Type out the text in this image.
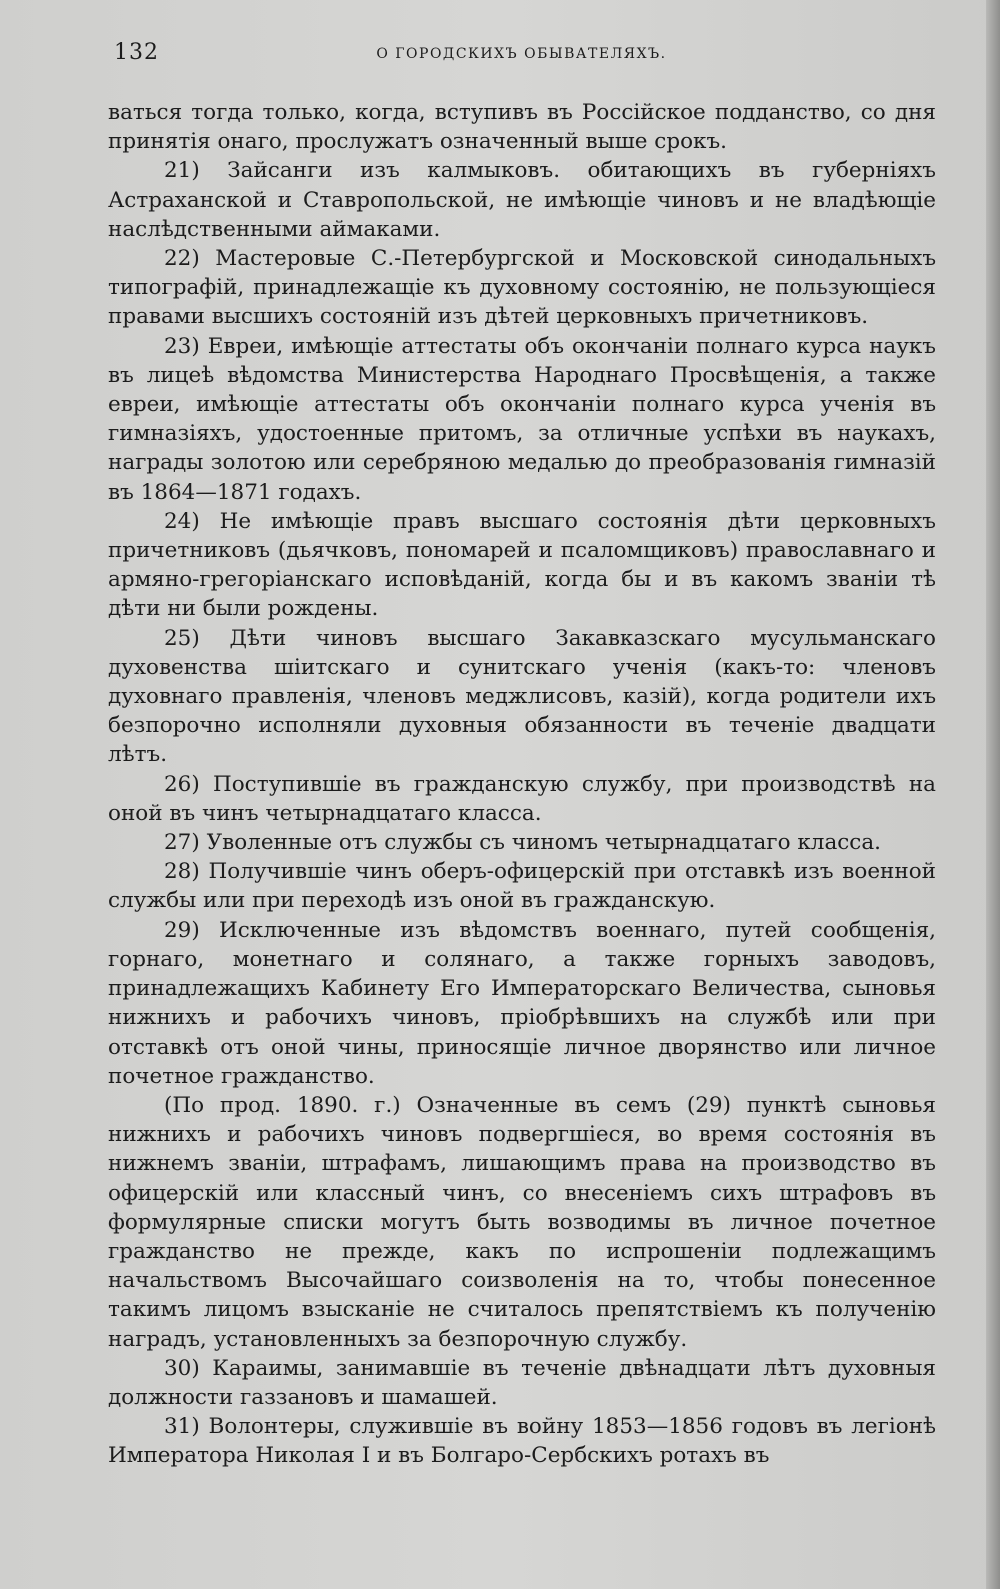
132	О ГОРОДСКИХЪ ОБЫВАТЕЛЯХЪ.

ваться тогда только, когда, вступивъ въ Россійское подданство, со дня принятія онаго, прослужатъ означенный выше срокъ.

21) Зайсанги изъ калмыковъ. обитающихъ въ губерніяхъ Астраханской и Ставропольской, не имѣющіе чиновъ и не владѣющіе наслѣдственными аймаками.

22) Мастеровые С.-Петербургской и Московской синодальныхъ типографій, принадлежащіе къ духовному состоянію, не пользующіеся правами высшихъ состояній изъ дѣтей церковныхъ причетниковъ.

23) Евреи, имѣющіе аттестаты объ окончаніи полнаго курса наукъ въ лицеѣ вѣдомства Министерства Народнаго Просвѣщенія, а также евреи, имѣющіе аттестаты объ окончаніи полнаго курса ученія въ гимназіяхъ, удостоенные притомъ, за отличные успѣхи въ наукахъ, награды золотою или серебряною медалью до преобразованія гимназій въ 1864—1871 годахъ.

24) Не имѣющіе правъ высшаго состоянія дѣти церковныхъ причетниковъ (дьячковъ, пономарей и псаломщиковъ) православнаго и армяно-грегоріанскаго исповѣданій, когда бы и въ какомъ званіи тѣ дѣти ни были рождены.

25) Дѣти чиновъ высшаго Закавказскаго мусульманскаго духовенства шіитскаго и сунитскаго ученія (какъ-то: членовъ духовнаго правленія, членовъ меджлисовъ, казій), когда родители ихъ безпорочно исполняли духовныя обязанности въ теченіе двадцати лѣтъ.

26) Поступившіе въ гражданскую службу, при производствѣ на оной въ чинъ четырнадцатаго класса.

27) Уволенные отъ службы съ чиномъ четырнадцатаго класса.

28) Получившіе чинъ оберъ-офицерскій при отставкѣ изъ военной службы или при переходѣ изъ оной въ гражданскую.

29) Исключенные изъ вѣдомствъ военнаго, путей сообщенія, горнаго, монетнаго и солянаго, а также горныхъ заводовъ, принадлежащихъ Кабинету Его Императорскаго Величества, сыновья нижнихъ и рабочихъ чиновъ, пріобрѣвшихъ на службѣ или при отставкѣ отъ оной чины, приносящіе личное дворянство или личное почетное гражданство.

(По прод. 1890. г.) Означенные въ семъ (29) пунктѣ сыновья нижнихъ и рабочихъ чиновъ подвергшіеся, во время состоянія въ нижнемъ званіи, штрафамъ, лишающимъ права на производство въ офицерскій или классный чинъ, со внесеніемъ сихъ штрафовъ въ формулярные списки могутъ быть возводимы въ личное почетное гражданство не прежде, какъ по испрошеніи подлежащимъ начальствомъ Высочайшаго соизволенія на то, чтобы понесенное такимъ лицомъ взысканіе не считалось препятствіемъ къ полученію наградъ, установленныхъ за безпорочную службу.

30) Караимы, занимавшіе въ теченіе двѣнадцати лѣтъ духовныя должности газзановъ и шамашей.

31) Волонтеры, служившіе въ войну 1853—1856 годовъ въ легіонѣ Императора Николая I и въ Болгаро-Сербскихъ ротахъ въ
